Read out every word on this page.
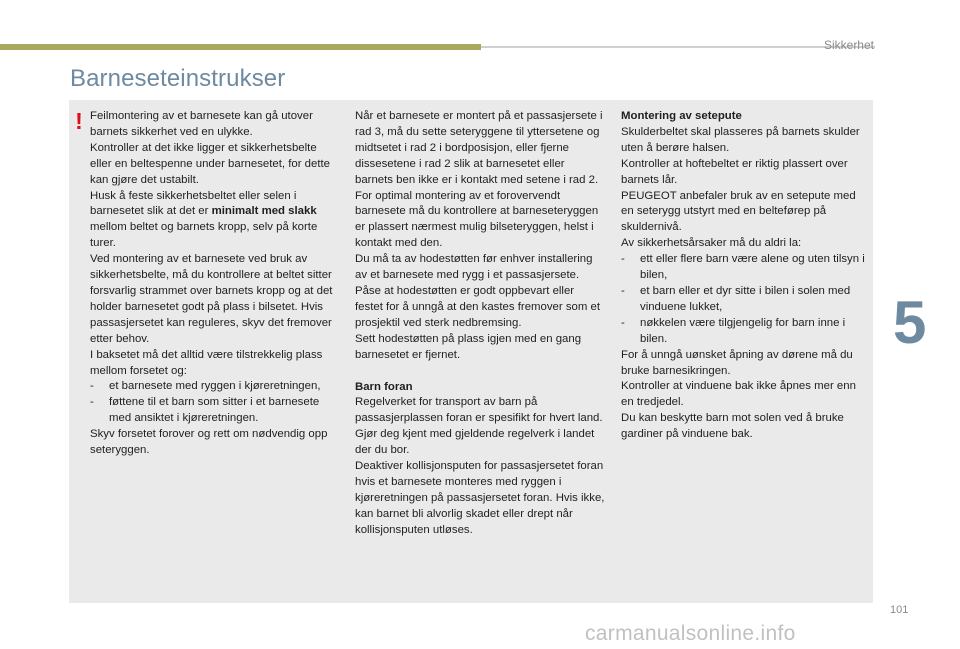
Sikkerhet
Barneseteinstrukser
! Feilmontering av et barnesete kan gå utover barnets sikkerhet ved en ulykke.

Kontroller at det ikke ligger et sikkerhetsbelte eller en beltespenne under barnesetet, for dette kan gjøre det ustabilt.

Husk å feste sikkerhetsbeltet eller selen i barnesetet slik at det er minimalt med slakk mellom beltet og barnets kropp, selv på korte turer.

Ved montering av et barnesete ved bruk av sikkerhetsbelte, må du kontrollere at beltet sitter forsvarlig strammet over barnets kropp og at det holder barnesetet godt på plass i bilsetet. Hvis passasjersetet kan reguleres, skyv det fremover etter behov.

I baksetet må det alltid være tilstrekkelig plass mellom forsetet og:

- et barnesete med ryggen i kjøreretningen,
- føttene til et barn som sitter i et barnesete med ansiktet i kjøreretningen.

Skyv forsetet forover og rett om nødvendig opp seteryggen.

Når et barnesete er montert på et passasjersete i rad 3, må du sette seteryggene til yttersetene og midtsetet i rad 2 i bordposisjon, eller fjerne dissesetene i rad 2 slik at barnesetet eller barnets ben ikke er i kontakt med setene i rad 2.

For optimal montering av et forovervendt barnesete må du kontrollere at barneseteryggen er plassert nærmest mulig bilseteryggen, helst i kontakt med den.

Du må ta av hodestøtten før enhver installering av et barnesete med rygg i et passasjersete.

Påse at hodestøtten er godt oppbevart eller festet for å unngå at den kastes fremover som et prosjektil ved sterk nedbremsing.

Sett hodestøtten på plass igjen med en gang barnesetet er fjernet.

Barn foran

Regelverket for transport av barn på passasjerplassen foran er spesifikt for hvert land. Gjør deg kjent med gjeldende regelverk i landet der du bor.

Deaktiver kollisjonsputen for passasjersetet foran hvis et barnesete monteres med ryggen i kjøreretningen på passasjersetet foran. Hvis ikke, kan barnet bli alvorlig skadet eller drept når kollisjonsputen utløses.

Montering av setepute

Skulderbeltet skal plasseres på barnets skulder uten å berøre halsen.

Kontroller at hoftebeltet er riktig plassert over barnets lår.

PEUGEOT anbefaler bruk av en setepute med en seterygg utstyrt med en belteføreр på skuldernivå.

Av sikkerhetsårsaker må du aldri la:

- ett eller flere barn være alene og uten tilsyn i bilen,
- et barn eller et dyr sitte i bilen i solen med vinduene lukket,
- nøkkelen være tilgjengelig for barn inne i bilen.

For å unngå uønsket åpning av dørene må du bruke barnesikringen.

Kontroller at vinduene bak ikke åpnes mer enn en tredjedel.

Du kan beskytte barn mot solen ved å bruke gardiner på vinduene bak.

5
101
carmanualsonline.info
